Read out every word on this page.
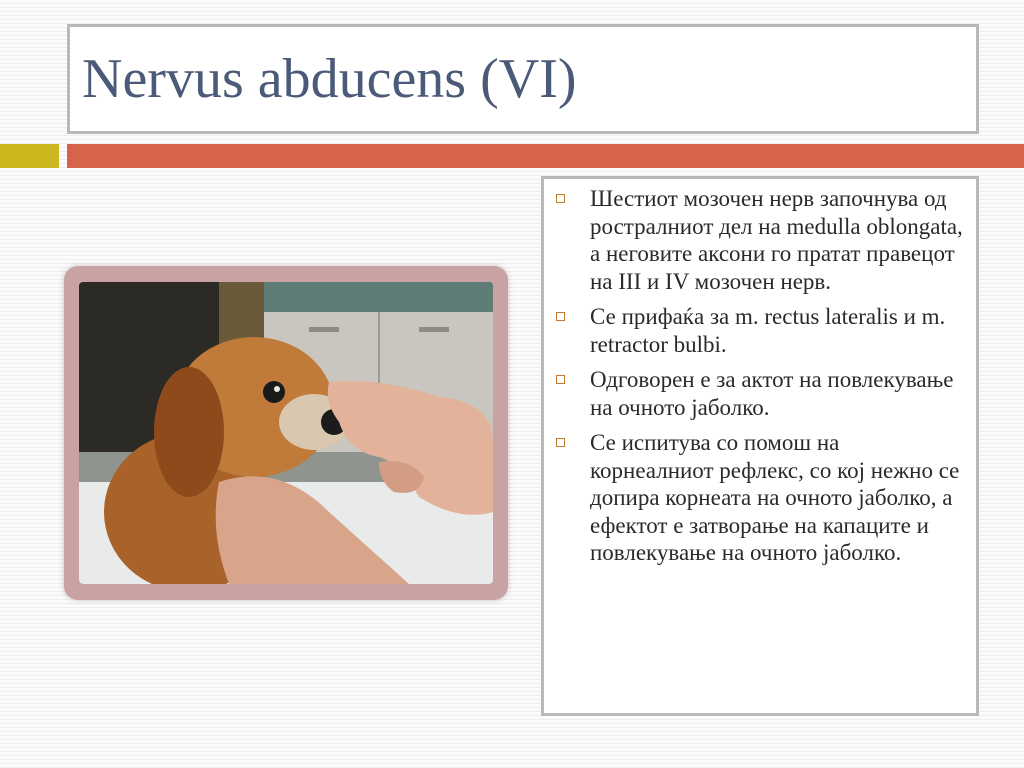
Nervus abducens (VI)
Шестиот мозочен нерв започнува од ростралниот дел на medulla oblongata, а неговите аксони го пратат правецот на III и IV мозочен нерв.
Се прифаќа за m. rectus lateralis и m. retractor bulbi.
Одговорен е за актот на повлекување на очното јаболко.
Се испитува со помош на корнеалниот рефлекс, со кој нежно се допира корнеата на очното јаболко, а ефектот е затворање на капаците и повлекување на очното јаболко.
